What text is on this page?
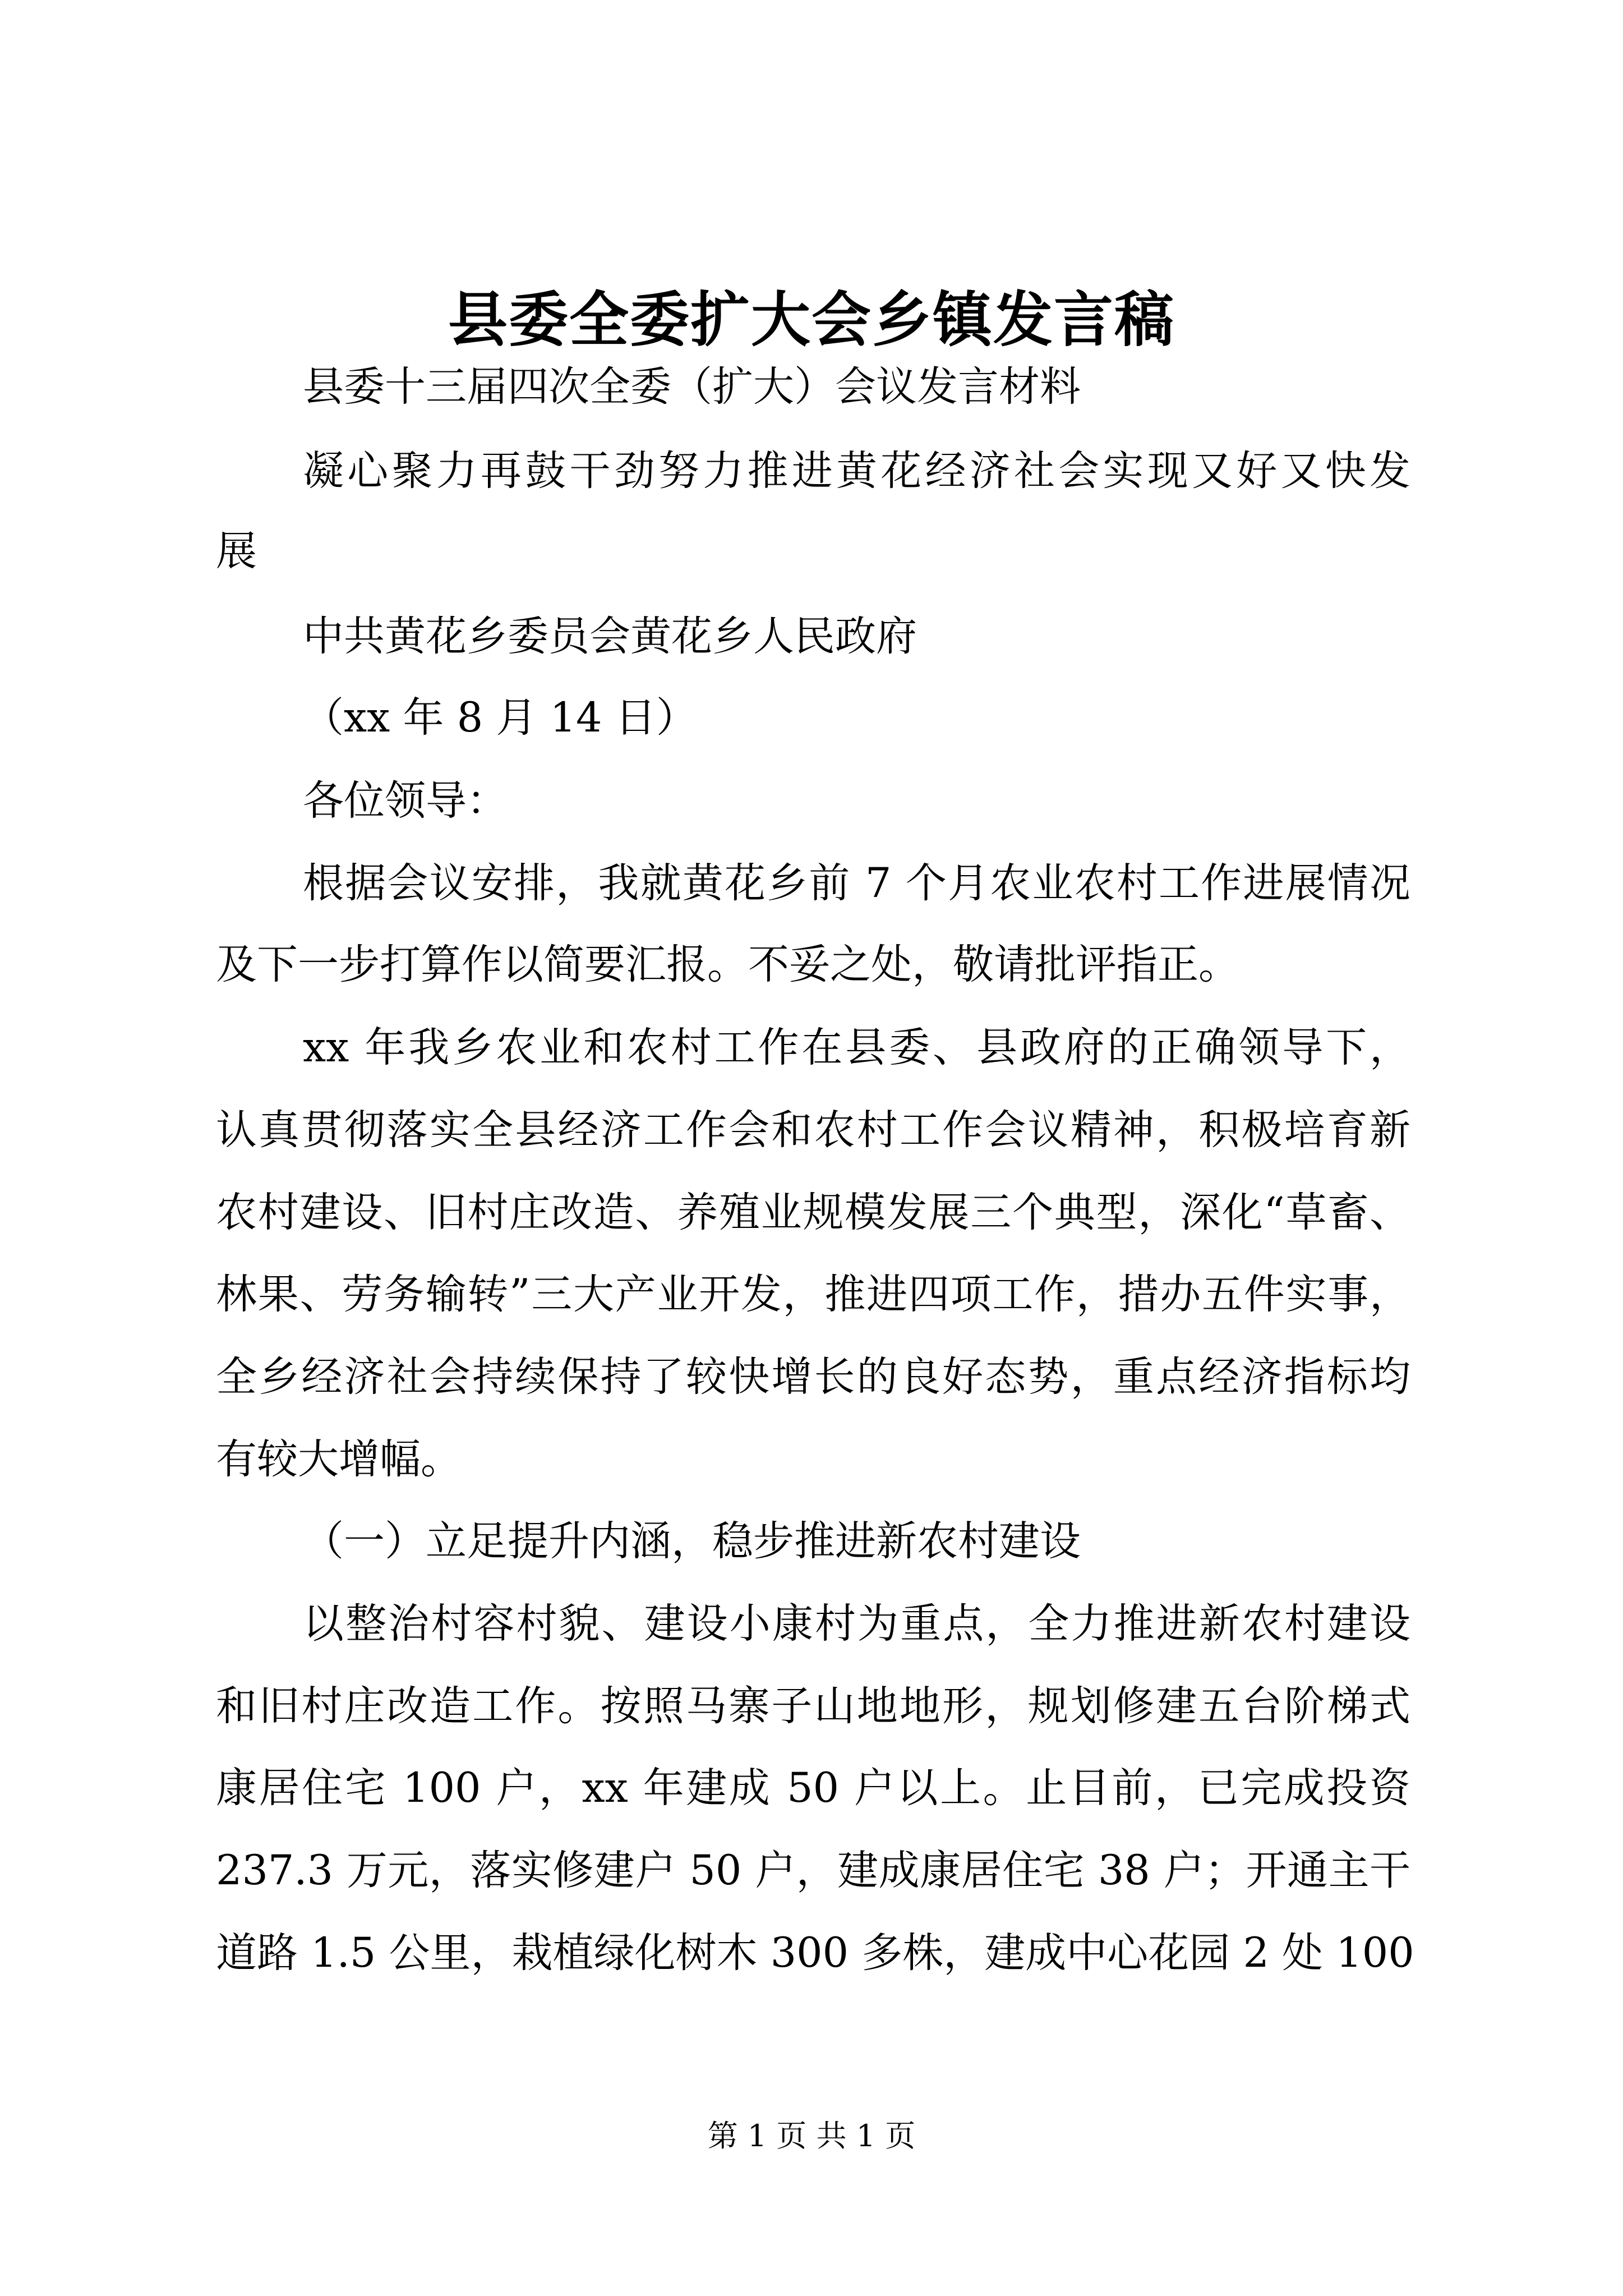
县委全委扩大会乡镇发言稿
县委十三届四次全委（扩大）会议发言材料
凝心聚力再鼓干劲努力推进黄花经济社会实现又好又快发
展
中共黄花乡委员会黄花乡人民政府
（xx 年 8 月 14 日）
各位领导：
根据会议安排，我就黄花乡前 7 个月农业农村工作进展情况
及下一步打算作以简要汇报。不妥之处，敬请批评指正。
xx 年我乡农业和农村工作在县委、县政府的正确领导下，
认真贯彻落实全县经济工作会和农村工作会议精神，积极培育新
农村建设、旧村庄改造、养殖业规模发展三个典型，深化“草畜、
林果、劳务输转”三大产业开发，推进四项工作，措办五件实事，
全乡经济社会持续保持了较快增长的良好态势，重点经济指标均
有较大增幅。
（一）立足提升内涵，稳步推进新农村建设
以整治村容村貌、建设小康村为重点，全力推进新农村建设
和旧村庄改造工作。按照马寨子山地地形，规划修建五台阶梯式
康居住宅 100 户，xx 年建成 50 户以上。止目前，已完成投资
237.3 万元，落实修建户 50 户，建成康居住宅 38 户；开通主干
道路 1.5 公里，栽植绿化树木 300 多株，建成中心花园 2 处 100
第 1 页 共 1 页
